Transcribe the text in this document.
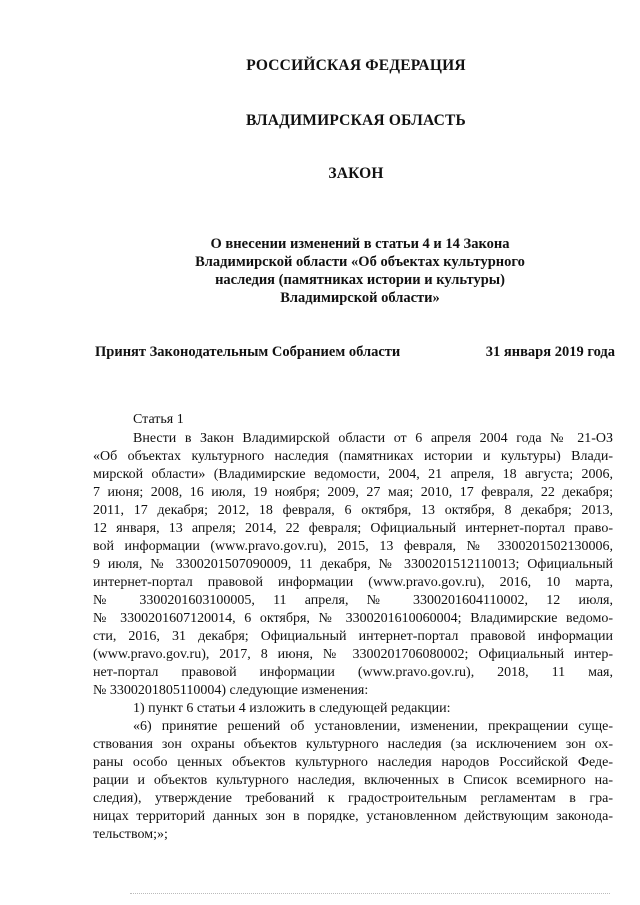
РОССИЙСКАЯ ФЕДЕРАЦИЯ
ВЛАДИМИРСКАЯ ОБЛАСТЬ
ЗАКОН
О внесении изменений в статьи 4 и 14 Закона
Владимирской области «Об объектах культурного
наследия (памятниках истории и культуры)
Владимирской области»
Принят Законодательным Собранием области	31 января 2019 года
Статья 1
Внести в Закон Владимирской области от 6 апреля 2004 года № 21-ОЗ
«Об объектах культурного наследия (памятниках истории и культуры) Влади-
мирской области» (Владимирские ведомости, 2004, 21 апреля, 18 августа; 2006,
7 июня; 2008, 16 июля, 19 ноября; 2009, 27 мая; 2010, 17 февраля, 22 декабря;
2011, 17 декабря; 2012, 18 февраля, 6 октября, 13 октября, 8 декабря; 2013,
12 января, 13 апреля; 2014, 22 февраля; Официальный интернет-портал право-
вой информации (www.pravo.gov.ru), 2015, 13 февраля, № 3300201502130006,
9 июля, № 3300201507090009, 11 декабря, № 3300201512110013; Официальный
интернет-портал правовой информации (www.pravo.gov.ru), 2016, 10 марта,
№ 3300201603100005, 11 апреля, № 3300201604110002, 12 июля,
№ 3300201607120014, 6 октября, № 3300201610060004; Владимирские ведомо-
сти, 2016, 31 декабря; Официальный интернет-портал правовой информации
(www.pravo.gov.ru), 2017, 8 июня, № 3300201706080002; Официальный интер-
нет-портал правовой информации (www.pravo.gov.ru), 2018, 11 мая,
№ 3300201805110004) следующие изменения:
1) пункт 6 статьи 4 изложить в следующей редакции:
«6) принятие решений об установлении, изменении, прекращении суще-
ствования зон охраны объектов культурного наследия (за исключением зон ох-
раны особо ценных объектов культурного наследия народов Российской Феде-
рации и объектов культурного наследия, включенных в Список всемирного на-
следия), утверждение требований к градостроительным регламентам в гра-
ницах территорий данных зон в порядке, установленном действующим законода-
тельством;»;
